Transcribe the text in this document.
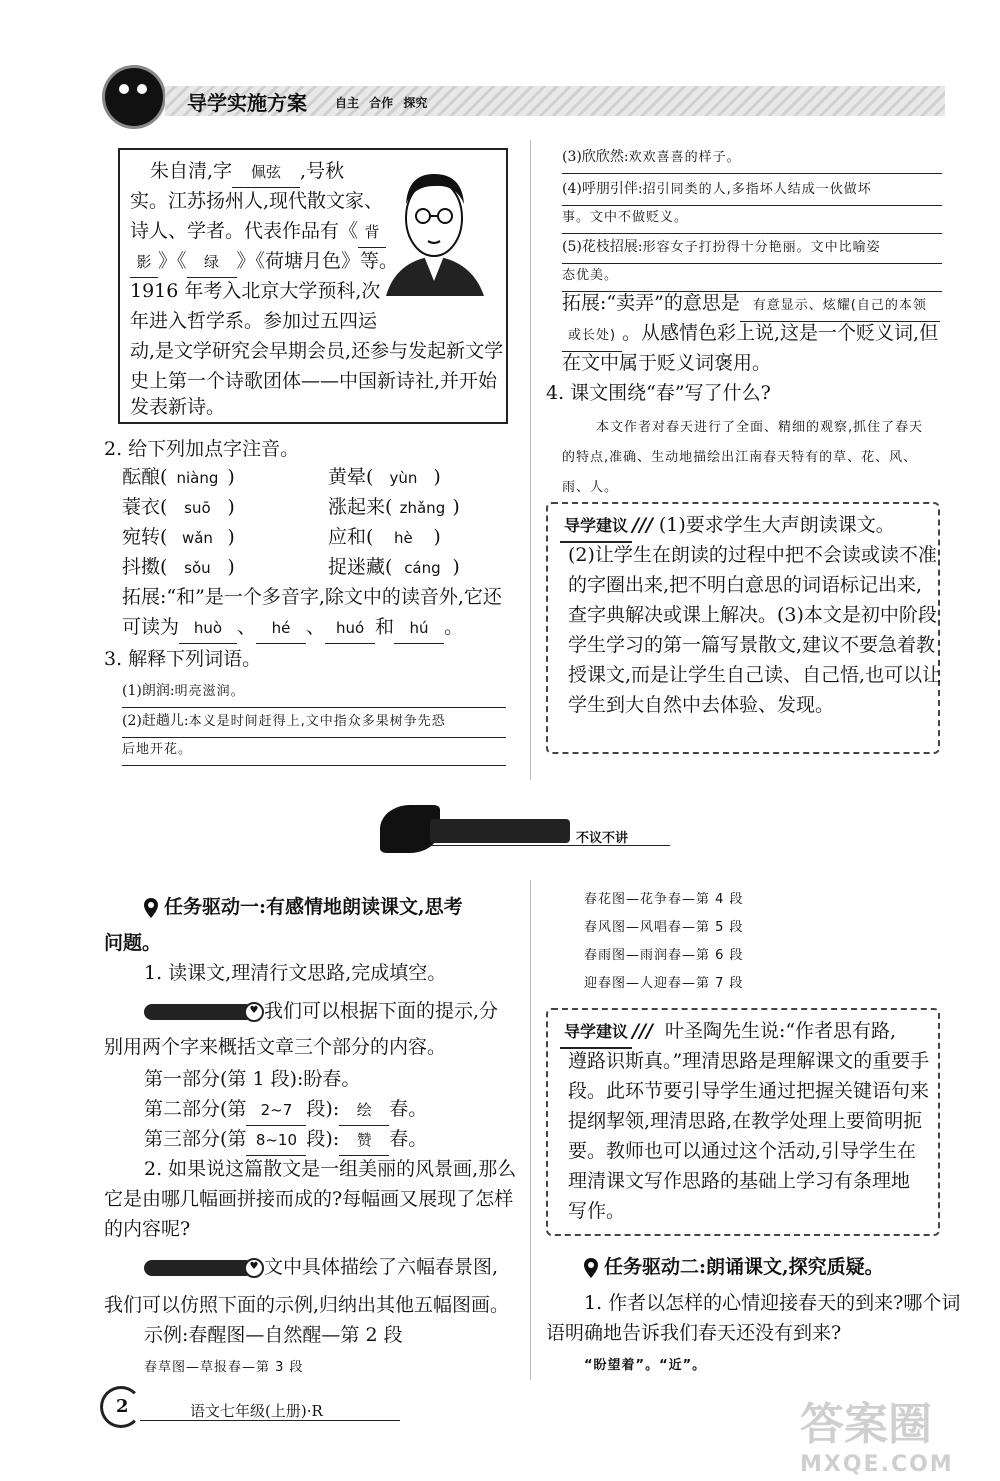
导学实施方案 自主 合作 探究
朱自清,字 佩弦 ,号秋
实。江苏扬州人,现代散文家、
诗人、学者。代表作品有《 背
影 》《 绿 》《荷塘月色》等。
1916 年考入北京大学预科,次
年进入哲学系。参加过五四运
动,是文学研究会早期会员,还参与发起新文学
史上第一个诗歌团体——中国新诗社,并开始
发表新诗。
2. 给下列加点字注音。
酝酿( niàng )	黄晕( yùn )
蓑衣( suō )	涨起来( zhǎng )
宛转( wǎn )	应和( hè )
抖擞( sǒu )	捉迷藏( cáng )
拓展:“和”是一个多音字,除文中的读音外,它还
可读为 huò 、 hé 、 huó 和 hú 。
3. 解释下列词语。
(1)朗润:明亮滋润。
(2)赶趟儿:本义是时间赶得上,文中指众多果树争先恐
后地开花。
(3)欣欣然:欢欢喜喜的样子。
(4)呼朋引伴:招引同类的人,多指坏人结成一伙做坏
事。文中不做贬义。
(5)花枝招展:形容女子打扮得十分艳丽。文中比喻姿
态优美。
拓展:“卖弄”的意思是 有意显示、炫耀(自己的本领
或长处) 。从感情色彩上说,这是一个贬义词,但
在文中属于贬义词褒用。
4. 课文围绕“春”写了什么?
本文作者对春天进行了全面、精细的观察,抓住了春天
的特点,准确、生动地描绘出江南春天特有的草、花、风、
雨、人。
导学建议 /// (1)要求学生大声朗读课文。
(2)让学生在朗读的过程中把不会读或读不准
的字圈出来,把不明白意思的词语标记出来,
查字典解决或课上解决。(3)本文是初中阶段
学生学习的第一篇写景散文,建议不要急着教
授课文,而是让学生自己读、自己悟,也可以让
学生到大自然中去体验、发现。
不议不讲
任务驱动一:有感情地朗读课文,思考
问题。
1. 读课文,理清行文思路,完成填空。
♥ 我们可以根据下面的提示,分
别用两个字来概括文章三个部分的内容。
第一部分(第 1 段):盼春。
第二部分(第 2~7 段): 绘 春。
第三部分(第 8~10 段): 赞 春。
2. 如果说这篇散文是一组美丽的风景画,那么
它是由哪几幅画拼接而成的?每幅画又展现了怎样
的内容呢?
♥ 文中具体描绘了六幅春景图,
我们可以仿照下面的示例,归纳出其他五幅图画。
示例:春醒图—自然醒—第 2 段
春草图—草报春—第 3 段
春花图—花争春—第 4 段
春风图—风唱春—第 5 段
春雨图—雨润春—第 6 段
迎春图—人迎春—第 7 段
导学建议 /// 叶圣陶先生说:“作者思有路,
遵路识斯真。”理清思路是理解课文的重要手
段。此环节要引导学生通过把握关键语句来
提纲挈领,理清思路,在教学处理上要简明扼
要。教师也可以通过这个活动,引导学生在
理清课文写作思路的基础上学习有条理地
写作。
任务驱动二:朗诵课文,探究质疑。
1. 作者以怎样的心情迎接春天的到来?哪个词
语明确地告诉我们春天还没有到来?
“盼望着”。“近”。
2	语文七年级(上册)·R	答案圈
MXQE.COM
